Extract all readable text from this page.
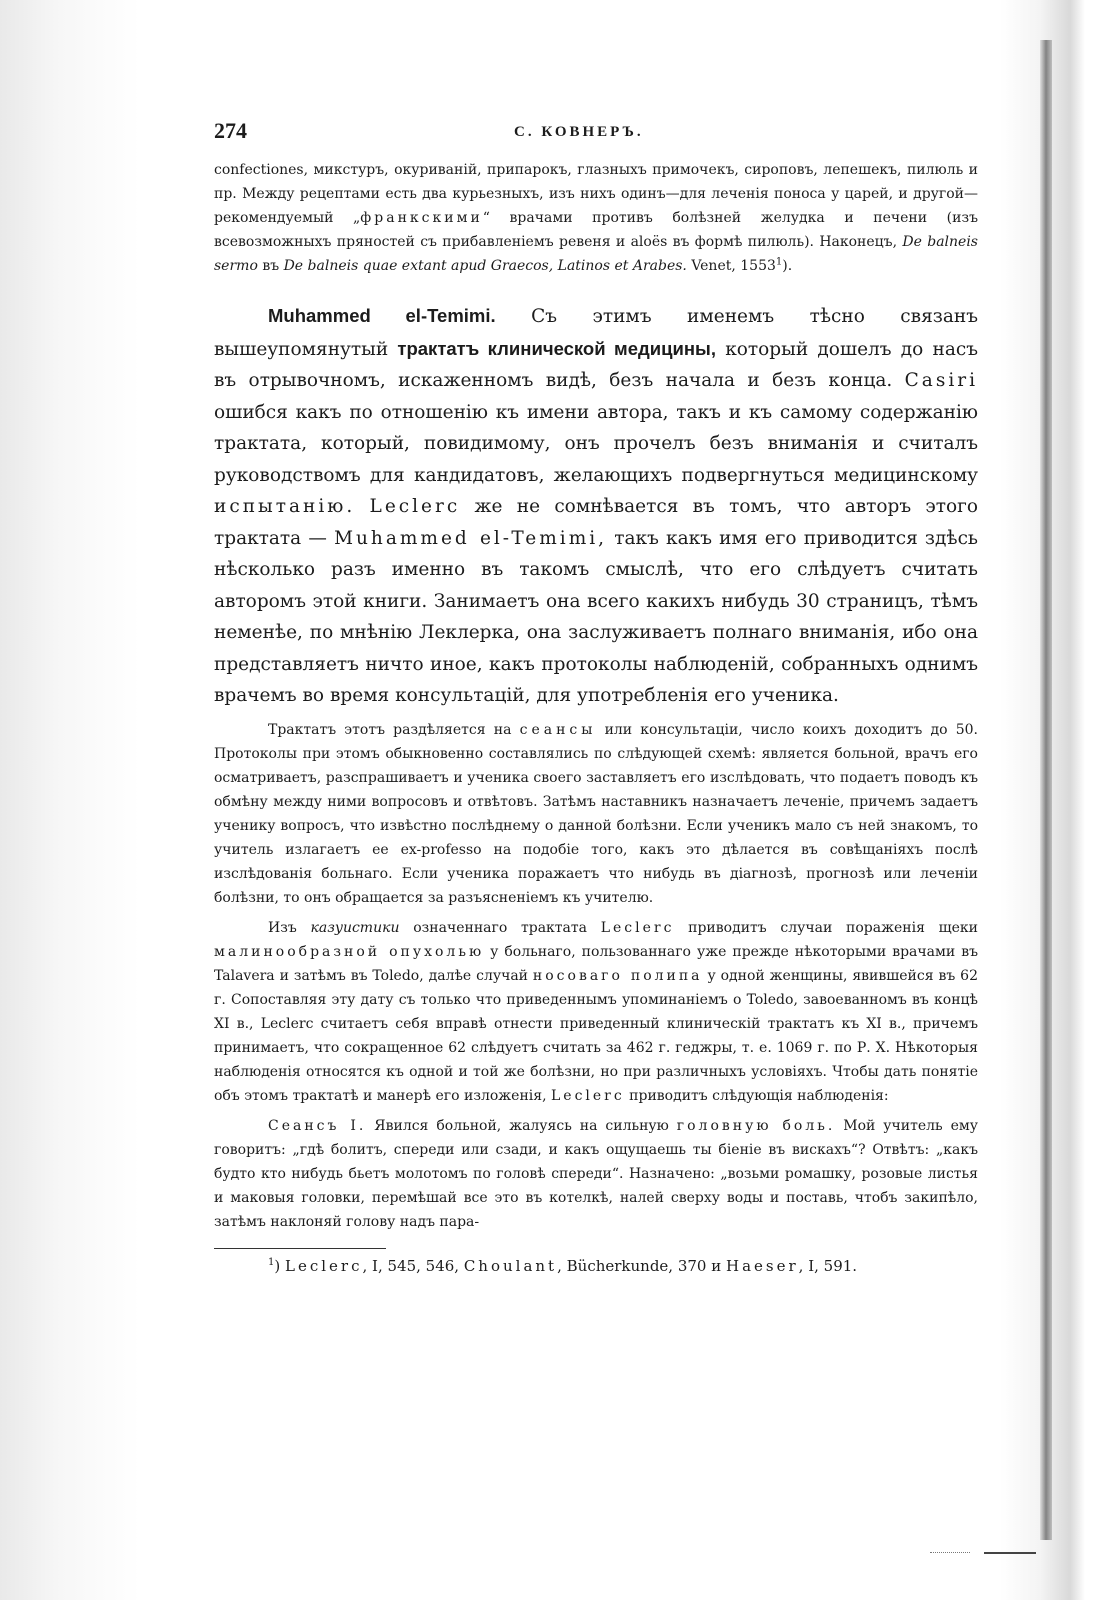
274	С. КОВНЕРЪ.

confectiones, микстуръ, окуриваній, припарокъ, глазныхъ примочекъ, сироповъ, лепешекъ, пилюль и пр. Между рецептами есть два курьезныхъ, изъ нихъ одинъ—для леченія поноса у царей, и другой—рекомендуемый „франкскими“ врачами противъ болѣзней желудка и печени (изъ всевозможныхъ пряностей съ прибавленіемъ ревеня и aloës въ формѣ пилюль). Наконецъ, De balneis sermo въ De balneis quae extant apud Graecos, Latinos et Arabes. Venet, 1553$^1$).

Muhammed el-Temimi. Съ этимъ именемъ тѣсно связанъ вышеупомянутый трактатъ клинической медицины, который дошелъ до насъ въ отрывочномъ, искаженномъ видѣ, безъ начала и безъ конца. Casiri ошибся какъ по отношенію къ имени автора, такъ и къ самому содержанію трактата, который, повидимому, онъ прочелъ безъ вниманія и считалъ руководствомъ для кандидатовъ, желающихъ подвергнуться медицинскому испытанію. Leclerc же не сомнѣвается въ томъ, что авторъ этого трактата — Muhammed el-Temimi, такъ какъ имя его приводится здѣсь нѣсколько разъ именно въ такомъ смыслѣ, что его слѣдуетъ считать авторомъ этой книги. Занимаетъ она всего какихъ нибудь 30 страницъ, тѣмъ неменѣе, по мнѣнію Леклерка, она заслуживаетъ полнаго вниманія, ибо она представляетъ ничто иное, какъ протоколы наблюденій, собранныхъ однимъ врачемъ во время консультацій, для употребленія его ученика.

Трактатъ этотъ раздѣляется на сеансы или консультаціи, число коихъ доходитъ до 50. Протоколы при этомъ обыкновенно составлялись по слѣдующей схемѣ: является больной, врачъ его осматриваетъ, разспрашиваетъ и ученика своего заставляетъ его изслѣдовать, что подаетъ поводъ къ обмѣну между ними вопросовъ и отвѣтовъ. Затѣмъ наставникъ назначаетъ леченіе, причемъ задаетъ ученику вопросъ, что извѣстно послѣднему о данной болѣзни. Если ученикъ мало съ ней знакомъ, то учитель излагаетъ ее ex-professo на подобіе того, какъ это дѣлается въ совѣщаніяхъ послѣ изслѣдованія больнаго. Если ученика поражаетъ что нибудь въ діагнозѣ, прогнозѣ или леченіи болѣзни, то онъ обращается за разъясненіемъ къ учителю.

Изъ казуистики означеннаго трактата Leclerc приводитъ случаи пораженія щеки малинообразной опухолью у больнаго, пользованнаго уже прежде нѣкоторыми врачами въ Talavera и затѣмъ въ Toledo, далѣе случай носоваго полипа у одной женщины, явившейся въ 62 г. Сопоставляя эту дату съ только что приведеннымъ упоминаніемъ о Toledo, завоеванномъ въ концѣ XI в., Leclerc считаетъ себя вправѣ отнести приведенный клиническій трактатъ къ XI в., причемъ принимаетъ, что сокращенное 62 слѣдуетъ считать за 462 г. геджры, т. е. 1069 г. по Р. Х. Нѣкоторыя наблюденія относятся къ одной и той же болѣзни, но при различныхъ условіяхъ. Чтобы дать понятіе объ этомъ трактатѣ и манерѣ его изложенія, Leclerc приводитъ слѣдующія наблюденія:

Сеансъ I. Явился больной, жалуясь на сильную головную боль. Мой учитель ему говоритъ: „гдѣ болитъ, спереди или сзади, и какъ ощущаешь ты біеніе въ вискахъ“? Отвѣтъ: „какъ будто кто нибудь бьетъ молотомъ по головѣ спереди“. Назначено: „возьми ромашку, розовые листья и маковыя головки, перемѣшай все это въ котелкѣ, налей сверху воды и поставь, чтобъ закипѣло, затѣмъ наклоняй голову надъ пара-

$^1$) Leclerc, I, 545, 546, Choulant, Bücherkunde, 370 и Haeser, I, 591.
